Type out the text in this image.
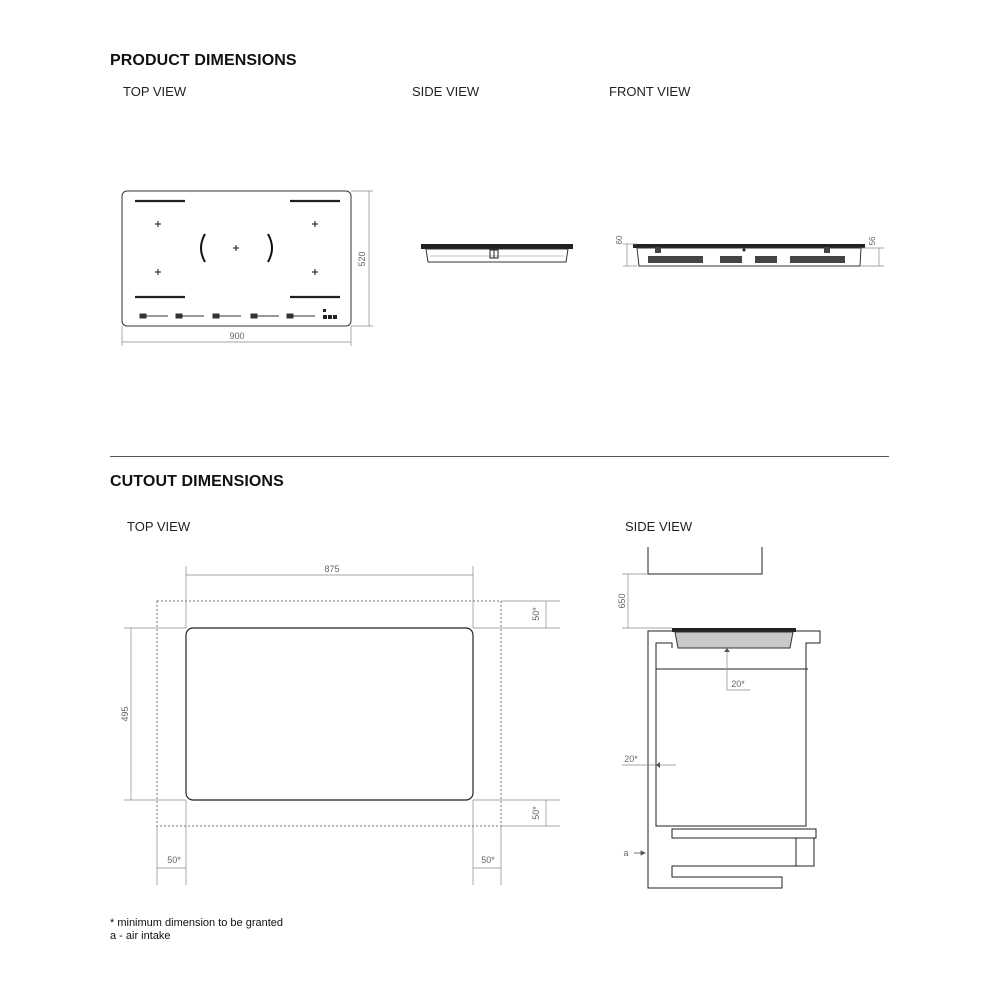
PRODUCT DIMENSIONS
TOP VIEW	SIDE VIEW	FRONT VIEW
900
520
60	56
CUTOUT DIMENSIONS
TOP VIEW	SIDE VIEW
875
495
50*
50*
50*	50*
650
20*
20*
a
* minimum dimension to be granted
a - air intake
